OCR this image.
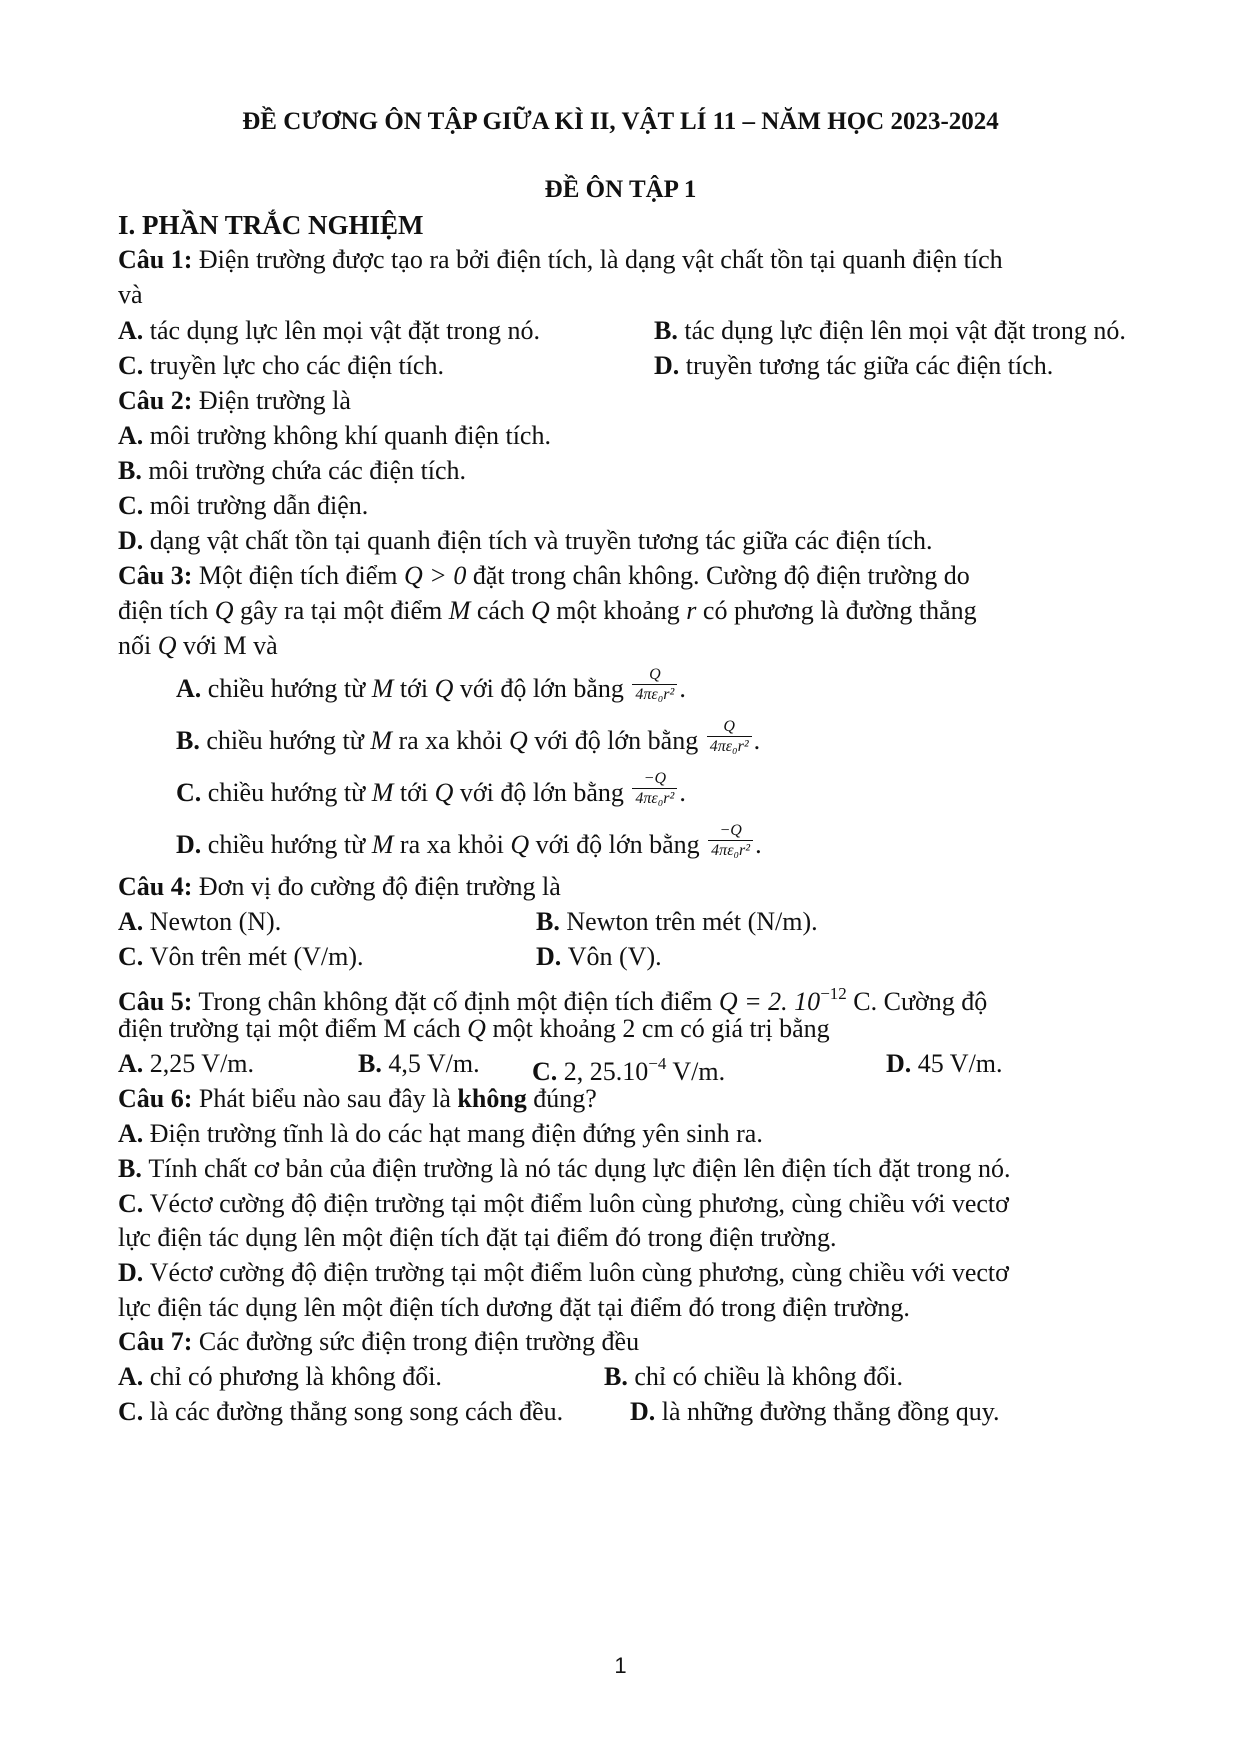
ĐỀ CƯƠNG ÔN TẬP GIỮA KÌ II, VẬT LÍ 11 – NĂM HỌC 2023-2024
ĐỀ ÔN TẬP 1
I. PHẦN TRẮC NGHIỆM
Câu 1: Điện trường được tạo ra bởi điện tích, là dạng vật chất tồn tại quanh điện tích
và
A. tác dụng lực lên mọi vật đặt trong nó.	B. tác dụng lực điện lên mọi vật đặt trong nó.
C. truyền lực cho các điện tích.	D. truyền tương tác giữa các điện tích.
Câu 2: Điện trường là
A. môi trường không khí quanh điện tích.
B. môi trường chứa các điện tích.
C. môi trường dẫn điện.
D. dạng vật chất tồn tại quanh điện tích và truyền tương tác giữa các điện tích.
Câu 3: Một điện tích điểm Q > 0 đặt trong chân không. Cường độ điện trường do
điện tích Q gây ra tại một điểm M cách Q một khoảng r có phương là đường thẳng
nối Q với M và
A. chiều hướng từ M tới Q với độ lớn bằng $\frac{Q}{\text{4πε₀r²}}$ .
B. chiều hướng từ M ra xa khỏi Q với độ lớn bằng $\frac{Q}{\text{4πε₀r²}}$ .
C. chiều hướng từ M tới Q với độ lớn bằng $\frac{-Q}{\text{4πε₀r²}}$ .
D. chiều hướng từ M ra xa khỏi Q với độ lớn bằng $\frac{-Q}{\text{4πε₀r²}}$ .
Câu 4: Đơn vị đo cường độ điện trường là
A. Newton (N).	B. Newton trên mét (N/m).
C. Vôn trên mét (V/m).	D. Vôn (V).
Câu 5: Trong chân không đặt cố định một điện tích điểm Q = 2. $10^{-12}$ C. Cường độ
điện trường tại một điểm M cách Q một khoảng 2 cm có giá trị bằng
A. 2,25 V/m.	B. 4,5 V/m. C. 2, $25.10^{-4}$ V/m.	D. 45 V/m.
Câu 6: Phát biểu nào sau đây là không đúng?
A. Điện trường tĩnh là do các hạt mang điện đứng yên sinh ra.
B. Tính chất cơ bản của điện trường là nó tác dụng lực điện lên điện tích đặt trong nó.
C. Véctơ cường độ điện trường tại một điểm luôn cùng phương, cùng chiều với vectơ
lực điện tác dụng lên một điện tích đặt tại điểm đó trong điện trường.
D. Véctơ cường độ điện trường tại một điểm luôn cùng phương, cùng chiều với vectơ
lực điện tác dụng lên một điện tích dương đặt tại điểm đó trong điện trường.
Câu 7: Các đường sức điện trong điện trường đều
A. chỉ có phương là không đổi.	B. chỉ có chiều là không đổi.
C. là các đường thẳng song song cách đều.	D. là những đường thẳng đồng quy.
1
